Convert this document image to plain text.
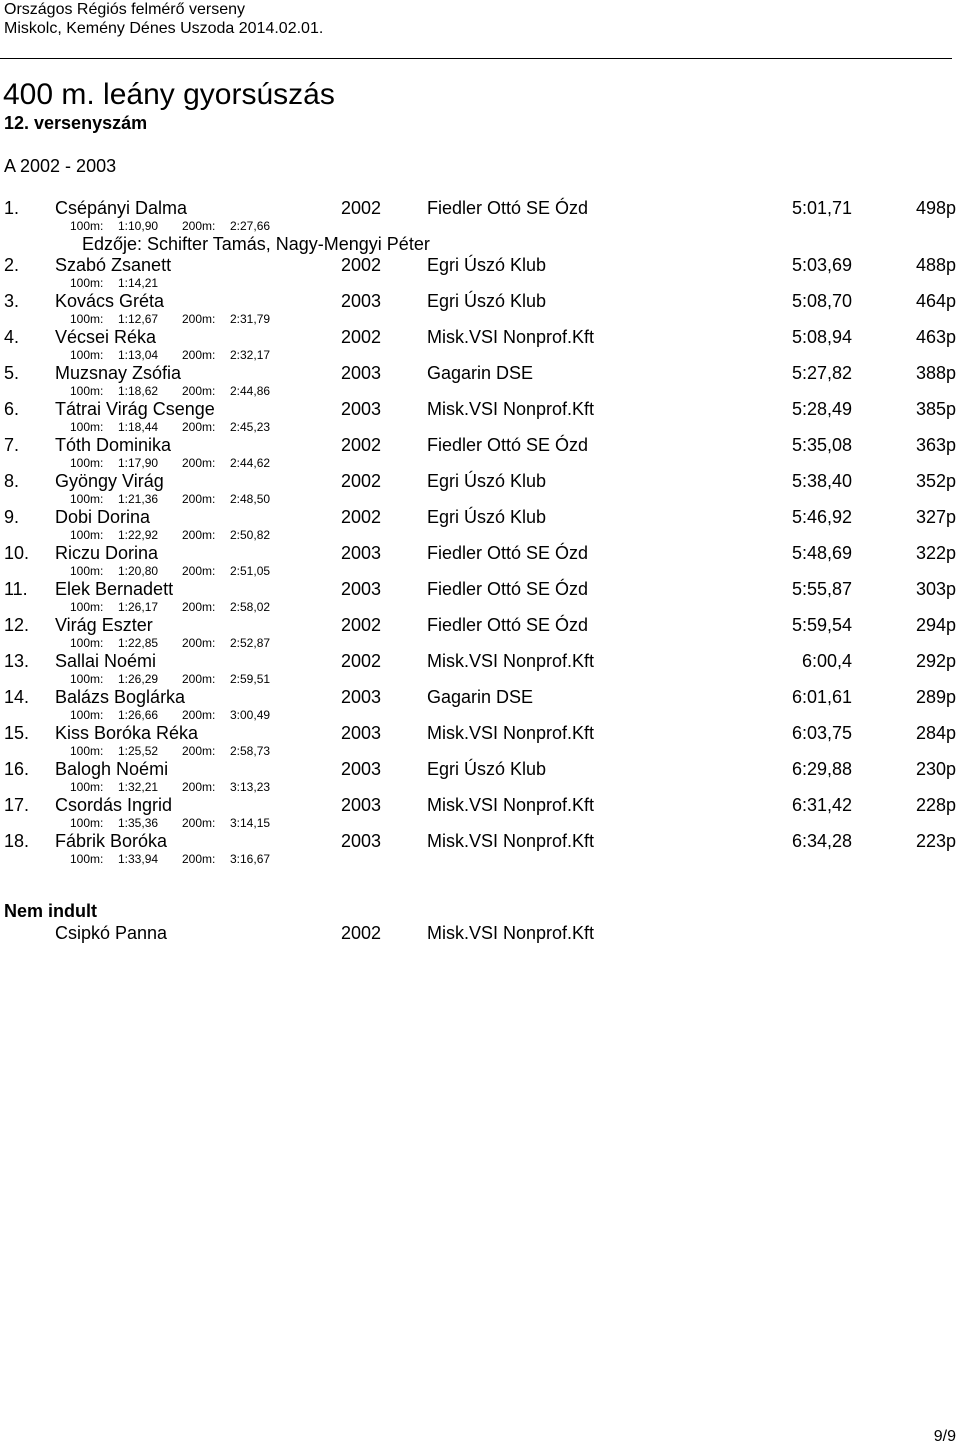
Országos Régiós felmérő verseny
Miskolc, Kemény Dénes Uszoda 2014.02.01.
400 m. leány gyorsúszás
12. versenyszám
A 2002 - 2003
1. Csépányi Dalma	2002	Fiedler Ottó SE Ózd	5:01,71	498p
100m: 1:10,90 200m: 2:27,66
Edzője: Schifter Tamás, Nagy-Mengyi Péter
2. Szabó Zsanett	2002	Egri Úszó Klub	5:03,69	488p
100m: 1:14,21
3. Kovács Gréta	2003	Egri Úszó Klub	5:08,70	464p
100m: 1:12,67 200m: 2:31,79
4. Vécsei Réka	2002	Misk.VSI Nonprof.Kft	5:08,94	463p
100m: 1:13,04 200m: 2:32,17
5. Muzsnay Zsófia	2003	Gagarin DSE	5:27,82	388p
100m: 1:18,62 200m: 2:44,86
6. Tátrai Virág Csenge	2003	Misk.VSI Nonprof.Kft	5:28,49	385p
100m: 1:18,44 200m: 2:45,23
7. Tóth Dominika	2002	Fiedler Ottó SE Ózd	5:35,08	363p
100m: 1:17,90 200m: 2:44,62
8. Gyöngy Virág	2002	Egri Úszó Klub	5:38,40	352p
100m: 1:21,36 200m: 2:48,50
9. Dobi Dorina	2002	Egri Úszó Klub	5:46,92	327p
100m: 1:22,92 200m: 2:50,82
10. Riczu Dorina	2003	Fiedler Ottó SE Ózd	5:48,69	322p
100m: 1:20,80 200m: 2:51,05
11. Elek Bernadett	2003	Fiedler Ottó SE Ózd	5:55,87	303p
100m: 1:26,17 200m: 2:58,02
12. Virág Eszter	2002	Fiedler Ottó SE Ózd	5:59,54	294p
100m: 1:22,85 200m: 2:52,87
13. Sallai Noémi	2002	Misk.VSI Nonprof.Kft	6:00,4	292p
100m: 1:26,29 200m: 2:59,51
14. Balázs Boglárka	2003	Gagarin DSE	6:01,61	289p
100m: 1:26,66 200m: 3:00,49
15. Kiss Boróka Réka	2003	Misk.VSI Nonprof.Kft	6:03,75	284p
100m: 1:25,52 200m: 2:58,73
16. Balogh Noémi	2003	Egri Úszó Klub	6:29,88	230p
100m: 1:32,21 200m: 3:13,23
17. Csordás Ingrid	2003	Misk.VSI Nonprof.Kft	6:31,42	228p
100m: 1:35,36 200m: 3:14,15
18. Fábrik Boróka	2003	Misk.VSI Nonprof.Kft	6:34,28	223p
100m: 1:33,94 200m: 3:16,67
Nem indult
Csipkó Panna	2002	Misk.VSI Nonprof.Kft
9/9
